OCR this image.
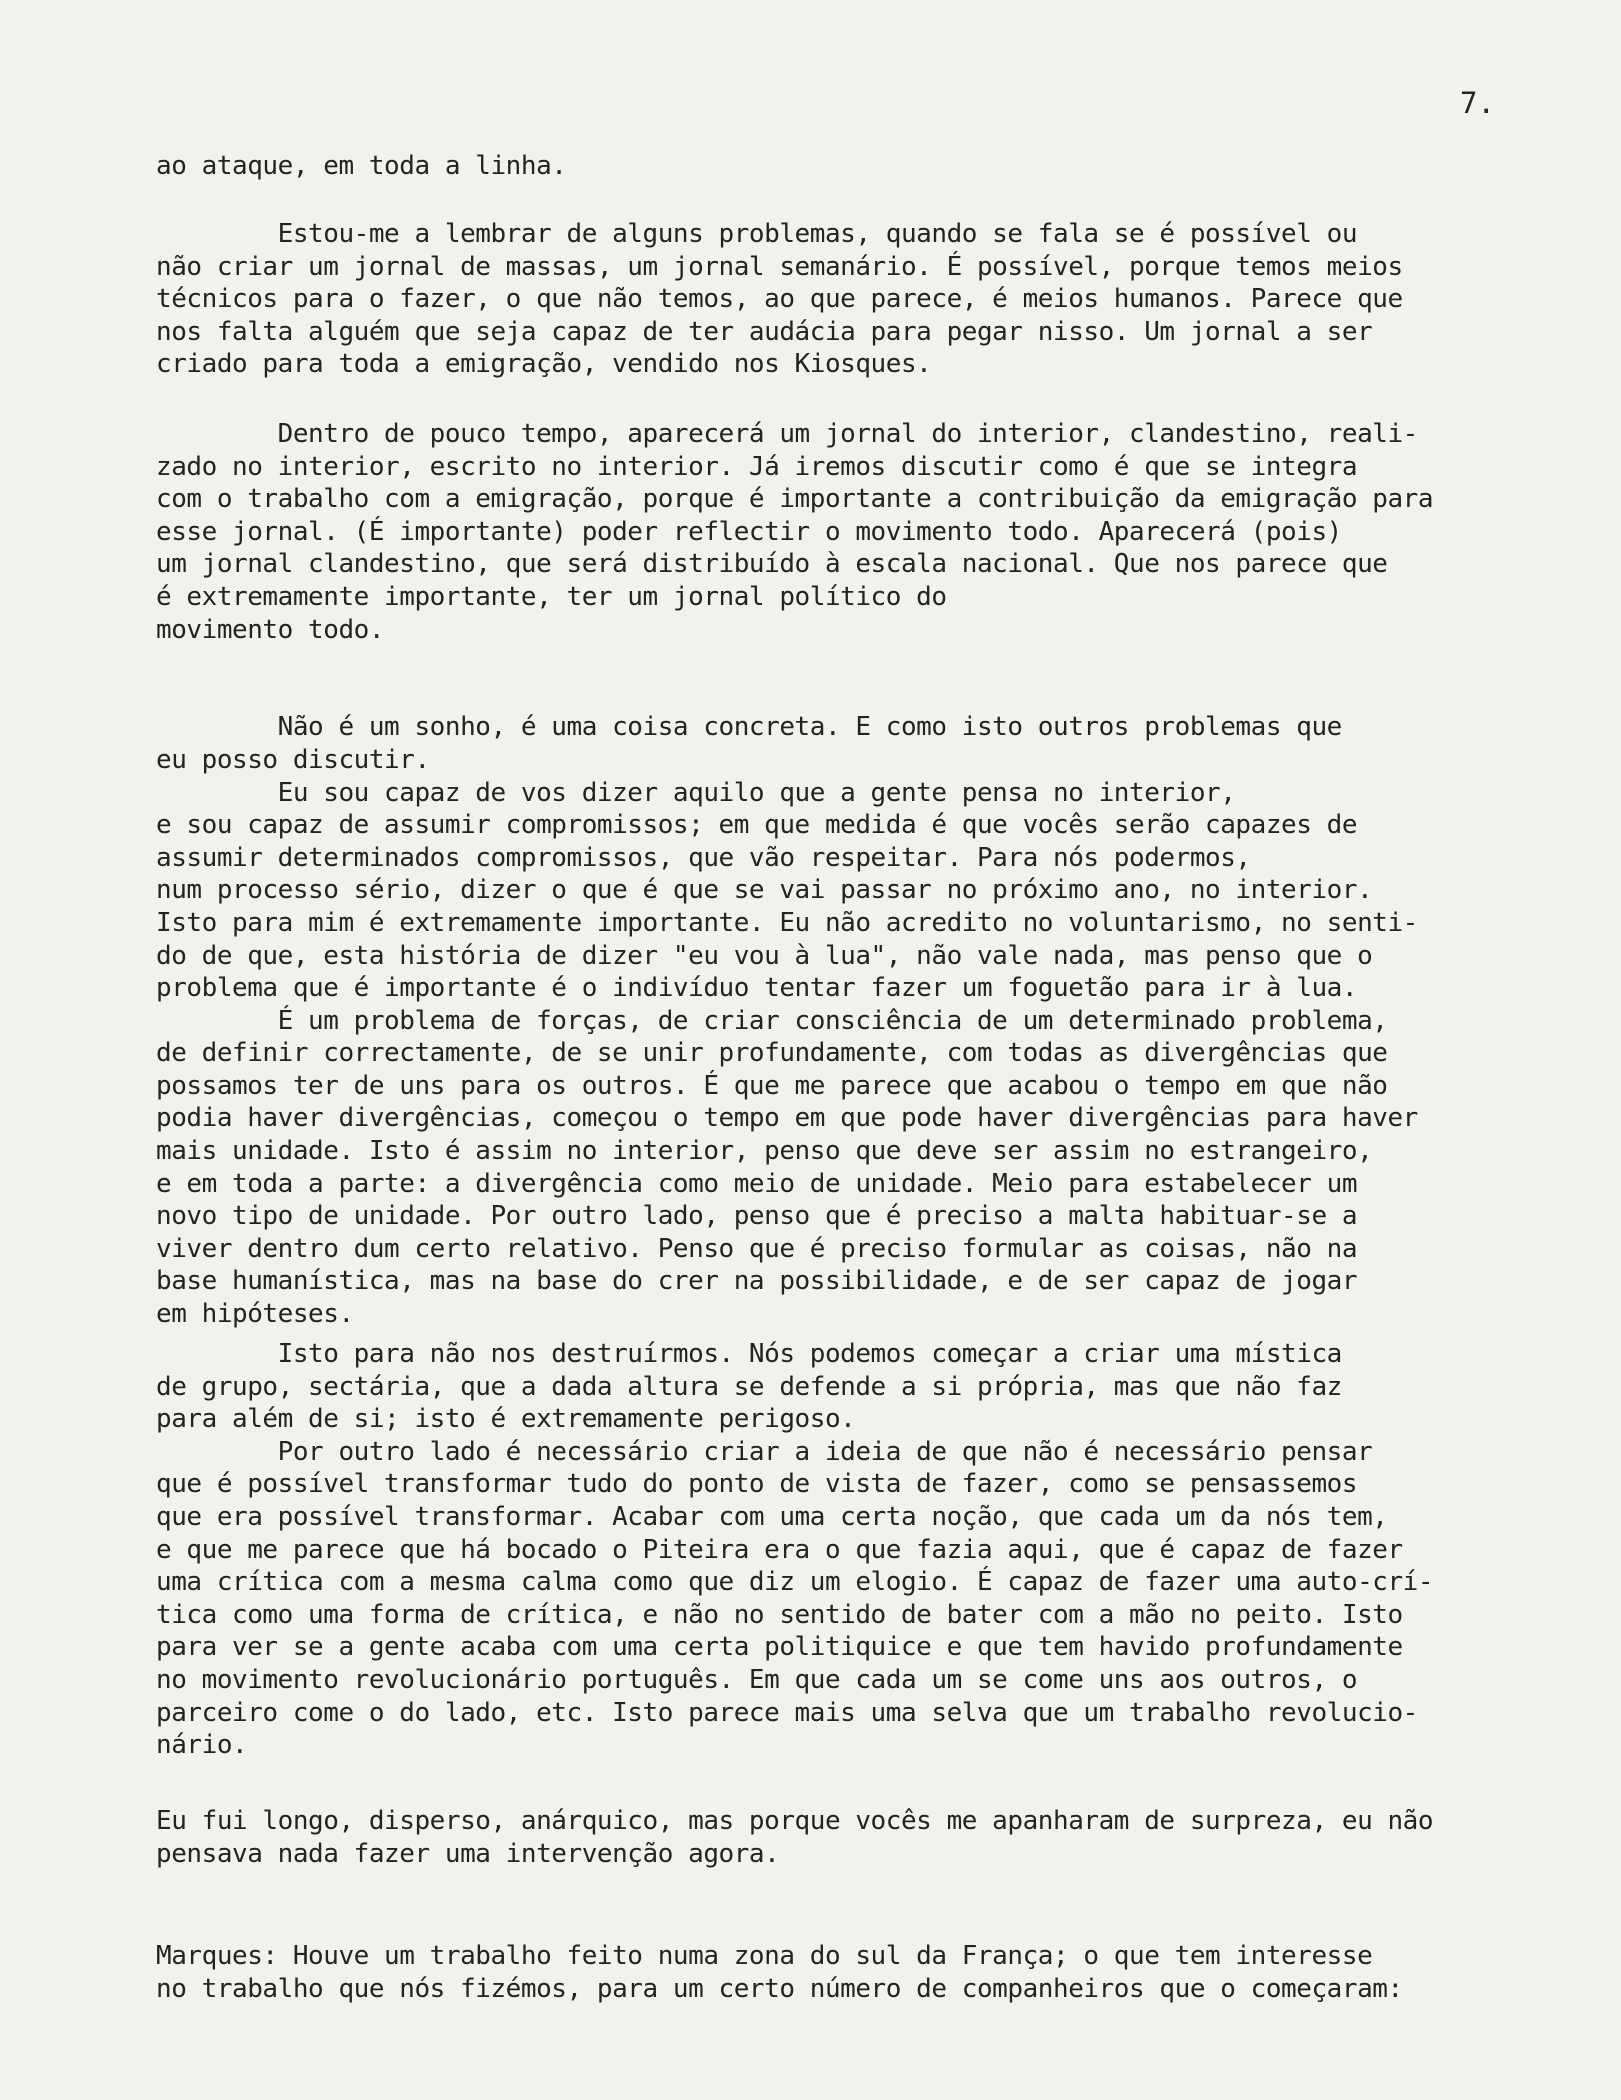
7.
ao ataque, em toda a linha.
Estou-me a lembrar de alguns problemas, quando se fala se é possível ou
não criar um jornal de massas, um jornal semanário. É possível, porque temos meios
técnicos para o fazer, o que não temos, ao que parece, é meios humanos. Parece que
nos falta alguém que seja capaz de ter audácia para pegar nisso. Um jornal a ser
criado para toda a emigração, vendido nos Kiosques.
Dentro de pouco tempo, aparecerá um jornal do interior, clandestino, reali-
zado no interior, escrito no interior. Já iremos discutir como é que se integra
com o trabalho com a emigração, porque é importante a contribuição da emigração para
esse jornal. (É importante) poder reflectir o movimento todo. Aparecerá (pois)
um jornal clandestino, que será distribuído à escala nacional. Que nos parece que
é extremamente importante, ter um jornal político do
movimento todo.
Não é um sonho, é uma coisa concreta. E como isto outros problemas que
eu posso discutir.
Eu sou capaz de vos dizer aquilo que a gente pensa no interior,
e sou capaz de assumir compromissos; em que medida é que vocês serão capazes de
assumir determinados compromissos, que vão respeitar. Para nós podermos,
num processo sério, dizer o que é que se vai passar no próximo ano, no interior.
Isto para mim é extremamente importante. Eu não acredito no voluntarismo, no senti-
do de que, esta história de dizer "eu vou à lua", não vale nada, mas penso que o
problema que é importante é o indivíduo tentar fazer um foguetão para ir à lua.
É um problema de forças, de criar consciência de um determinado problema,
de definir correctamente, de se unir profundamente, com todas as divergências que
possamos ter de uns para os outros. É que me parece que acabou o tempo em que não
podia haver divergências, começou o tempo em que pode haver divergências para haver
mais unidade. Isto é assim no interior, penso que deve ser assim no estrangeiro,
e em toda a parte: a divergência como meio de unidade. Meio para estabelecer um
novo tipo de unidade. Por outro lado, penso que é preciso a malta habituar-se a
viver dentro dum certo relativo. Penso que é preciso formular as coisas, não na
base humanística, mas na base do crer na possibilidade, e de ser capaz de jogar
em hipóteses.
Isto para não nos destruírmos. Nós podemos começar a criar uma mística
de grupo, sectária, que a dada altura se defende a si própria, mas que não faz
para além de si; isto é extremamente perigoso.
Por outro lado é necessário criar a ideia de que não é necessário pensar
que é possível transformar tudo do ponto de vista de fazer, como se pensassemos
que era possível transformar. Acabar com uma certa noção, que cada um da nós tem,
e que me parece que há bocado o Piteira era o que fazia aqui, que é capaz de fazer
uma crítica com a mesma calma como que diz um elogio. É capaz de fazer uma auto-crí-
tica como uma forma de crítica, e não no sentido de bater com a mão no peito. Isto
para ver se a gente acaba com uma certa politiquice e que tem havido profundamente
no movimento revolucionário português. Em que cada um se come uns aos outros, o
parceiro come o do lado, etc. Isto parece mais uma selva que um trabalho revolucio-
nário.
Eu fui longo, disperso, anárquico, mas porque vocês me apanharam de surpreza, eu não
pensava nada fazer uma intervenção agora.
Marques: Houve um trabalho feito numa zona do sul da França; o que tem interesse
no trabalho que nós fizémos, para um certo número de companheiros que o começaram:
